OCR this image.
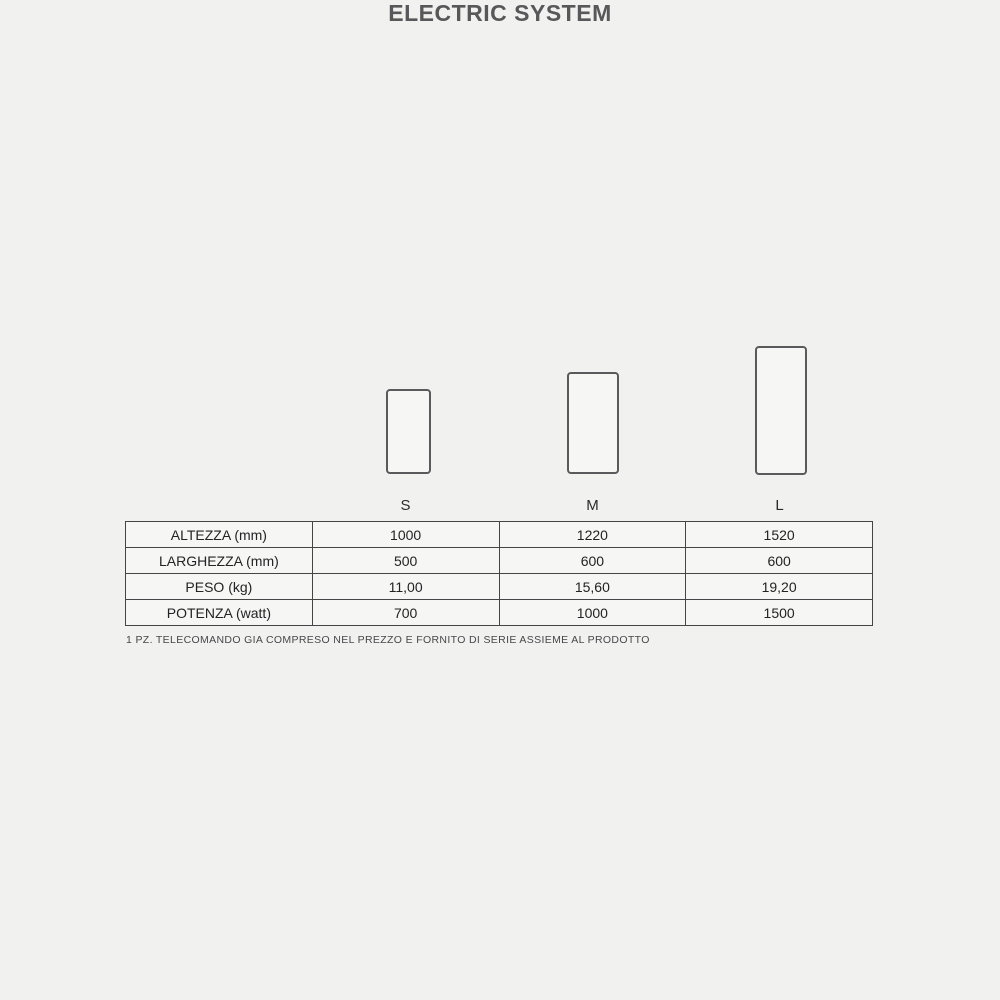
ELECTRIC SYSTEM
S	M	L
ALTEZZA (mm)	1000	1220	1520
LARGHEZZA (mm)	500	600	600
PESO (kg)	11,00	15,60	19,20
POTENZA (watt)	700	1000	1500

1 PZ. TELECOMANDO GIA COMPRESO NEL PREZZO E FORNITO DI SERIE ASSIEME AL PRODOTTO
